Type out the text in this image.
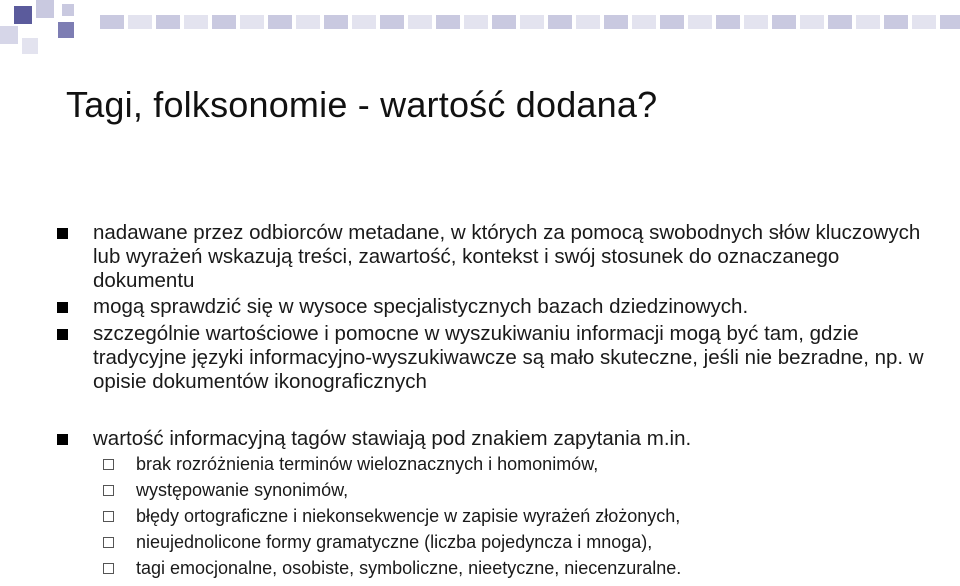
Tagi, folksonomie - wartość dodana?
nadawane przez odbiorców metadane, w których za pomocą swobodnych słów kluczowych lub wyrażeń wskazują treści, zawartość, kontekst i swój stosunek do oznaczanego dokumentu
mogą sprawdzić się w wysoce specjalistycznych bazach dziedzinowych.
szczególnie wartościowe i pomocne w wyszukiwaniu informacji mogą być tam, gdzie tradycyjne języki informacyjno-wyszukiwawcze są mało skuteczne, jeśli nie bezradne, np. w opisie dokumentów ikonograficznych
wartość informacyjną tagów stawiają pod znakiem zapytania m.in.
brak rozróżnienia terminów wieloznacznych i homonimów,
występowanie synonimów,
błędy ortograficzne i niekonsekwencje w zapisie wyrażeń złożonych,
nieujednolicone formy gramatyczne (liczba pojedyncza i mnoga),
tagi emocjonalne, osobiste, symboliczne, nieetyczne, niecenzuralne.
